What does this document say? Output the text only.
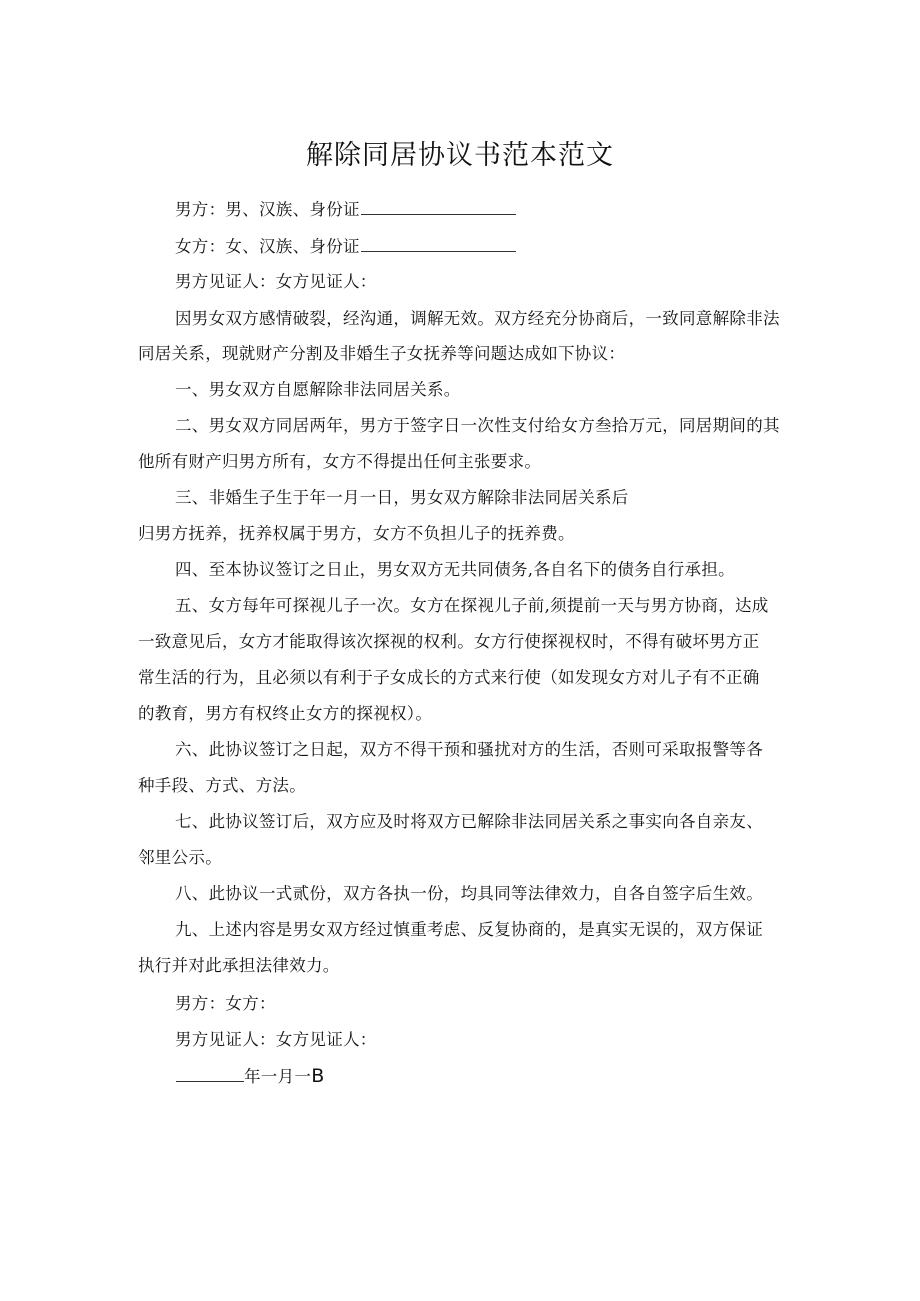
解除同居协议书范本范文
男方：男、汉族、身份证
女方：女、汉族、身份证
男方见证人：女方见证人：
因男女双方感情破裂，经沟通，调解无效。双方经充分协商后，一致同意解除非法
同居关系，现就财产分割及非婚生子女抚养等问题达成如下协议：
一、男女双方自愿解除非法同居关系。
二、男女双方同居两年，男方于签字日一次性支付给女方叁拾万元，同居期间的其
他所有财产归男方所有，女方不得提出任何主张要求。
三、非婚生子生于年一月一日，男女双方解除非法同居关系后
归男方抚养，抚养权属于男方，女方不负担儿子的抚养费。
四、至本协议签订之日止，男女双方无共同债务,各自名下的债务自行承担。
五、女方每年可探视儿子一次。女方在探视儿子前,须提前一天与男方协商，达成
一致意见后，女方才能取得该次探视的权利。女方行使探视权时，不得有破坏男方正
常生活的行为，且必须以有利于子女成长的方式来行使（如发现女方对儿子有不正确
的教育，男方有权终止女方的探视权）。
六、此协议签订之日起，双方不得干预和骚扰对方的生活，否则可采取报警等各
种手段、方式、方法。
七、此协议签订后，双方应及时将双方已解除非法同居关系之事实向各自亲友、
邻里公示。
八、此协议一式贰份，双方各执一份，均具同等法律效力，自各自签字后生效。
九、上述内容是男女双方经过慎重考虑、反复协商的，是真实无误的，双方保证
执行并对此承担法律效力。
男方：女方：
男方见证人：女方见证人：
年一月一B
